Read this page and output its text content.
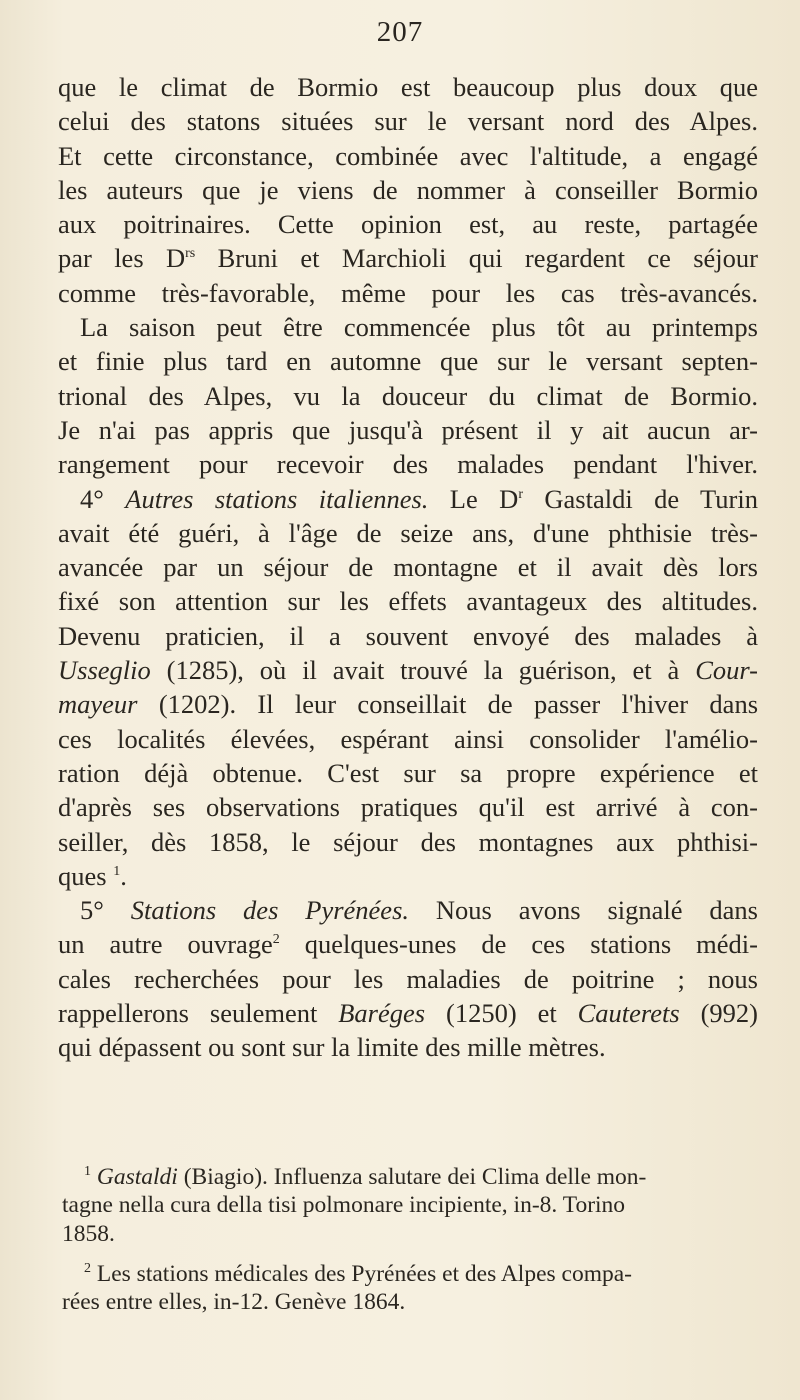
207
que le climat de Bormio est beaucoup plus doux que
celui des statons situées sur le versant nord des Alpes.
Et cette circonstance, combinée avec l'altitude, a engagé
les auteurs que je viens de nommer à conseiller Bormio
aux poitrinaires. Cette opinion est, au reste, partagée
par les $D^{rs}$ Bruni et Marchioli qui regardent ce séjour
comme très-favorable, même pour les cas très-avancés.
La saison peut être commencée plus tôt au printemps
et finie plus tard en automne que sur le versant septen-
trional des Alpes, vu la douceur du climat de Bormio.
Je n'ai pas appris que jusqu'à présent il y ait aucun ar-
rangement pour recevoir des malades pendant l'hiver.
4° Autres stations italiennes. Le $D^r$ Gastaldi de Turin
avait été guéri, à l'âge de seize ans, d'une phthisie très-
avancée par un séjour de montagne et il avait dès lors
fixé son attention sur les effets avantageux des altitudes.
Devenu praticien, il a souvent envoyé des malades à
Usseglio (1285), où il avait trouvé la guérison, et à Cour-
mayeur (1202). Il leur conseillait de passer l'hiver dans
ces localités élevées, espérant ainsi consolider l'amélio-
ration déjà obtenue. C'est sur sa propre expérience et
d'après ses observations pratiques qu'il est arrivé à con-
seiller, dès 1858, le séjour des montagnes aux phthisi-
ques $^1$.
5° Stations des Pyrénées. Nous avons signalé dans
un autre ouvrage$^2$ quelques-unes de ces stations médi-
cales recherchées pour les maladies de poitrine ; nous
rappellerons seulement Baréges (1250) et Cauterets (992)
qui dépassent ou sont sur la limite des mille mètres.
$^1$ Gastaldi (Biagio). Influenza salutare dei Clima delle mon-
tagne nella cura della tisi polmonare incipiente, in-8. Torino
1858.
$^2$ Les stations médicales des Pyrénées et des Alpes compa-
rées entre elles, in-12. Genève 1864.
